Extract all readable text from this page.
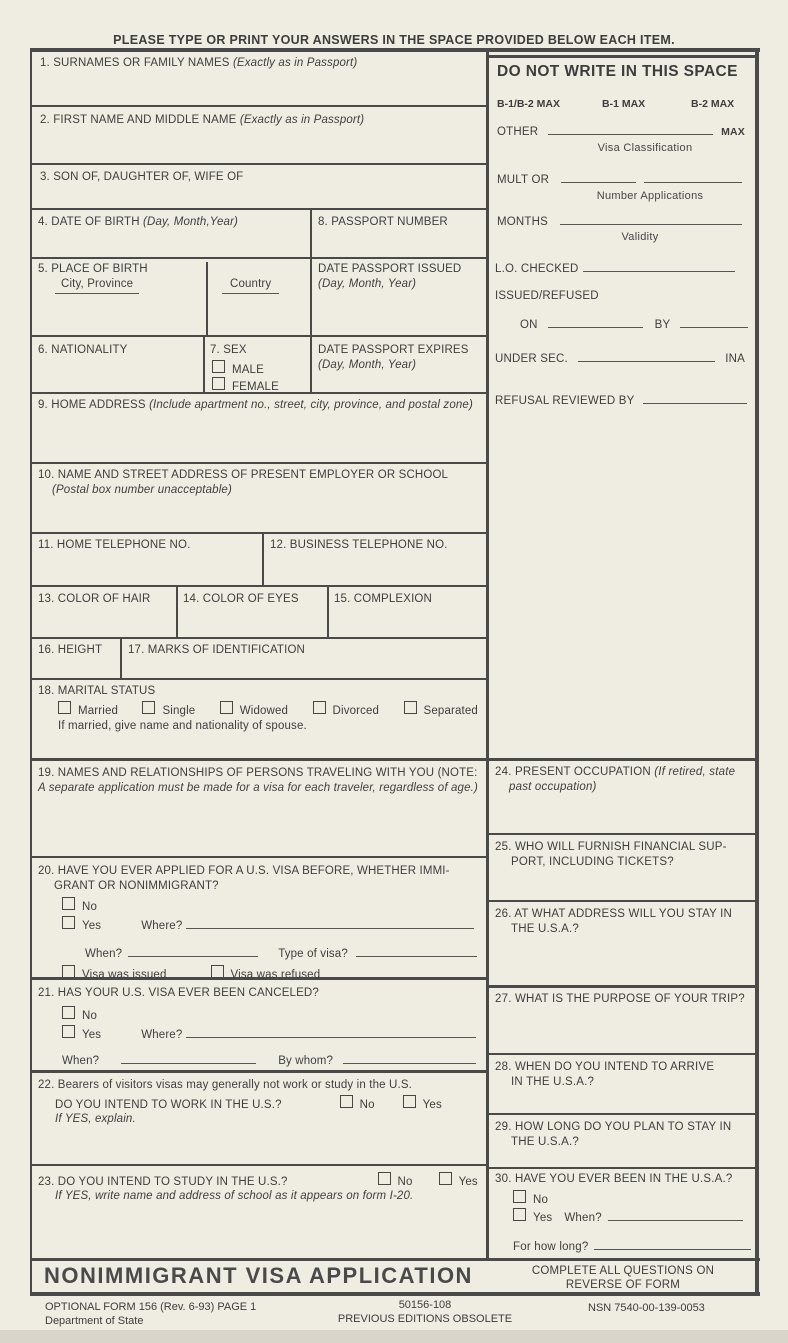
PLEASE TYPE OR PRINT YOUR ANSWERS IN THE SPACE PROVIDED BELOW EACH ITEM.
DO NOT WRITE IN THIS SPACE
B-1/B-2 MAX	B-1 MAX	B-2 MAX
OTHER	MAX
Visa Classification
MULT OR
Number Applications
MONTHS
Validity
L.O. CHECKED
ISSUED/REFUSED
ON	BY
UNDER SEC.	INA
REFUSAL REVIEWED BY
1. SURNAMES OR FAMILY NAMES (Exactly as in Passport)
2. FIRST NAME AND MIDDLE NAME (Exactly as in Passport)
3. SON OF, DAUGHTER OF, WIFE OF
4. DATE OF BIRTH (Day, Month,Year)	8. PASSPORT NUMBER
5. PLACE OF BIRTH
City, Province	Country
DATE PASSPORT ISSUED
(Day, Month, Year)
6. NATIONALITY	7. SEX
MALE
FEMALE
DATE PASSPORT EXPIRES
(Day, Month, Year)
9. HOME ADDRESS (Include apartment no., street, city, province, and postal zone)
10. NAME AND STREET ADDRESS OF PRESENT EMPLOYER OR SCHOOL
(Postal box number unacceptable)
11. HOME TELEPHONE NO.	12. BUSINESS TELEPHONE NO.
13. COLOR OF HAIR	14. COLOR OF EYES	15. COMPLEXION
16. HEIGHT 17. MARKS OF IDENTIFICATION
18. MARITAL STATUS
Married	Single	Widowed	Divorced	Separated
If married, give name and nationality of spouse.
19. NAMES AND RELATIONSHIPS OF PERSONS TRAVELING WITH YOU (NOTE:
A separate application must be made for a visa for each traveler, regardless of age.)
20. HAVE YOU EVER APPLIED FOR A U.S. VISA BEFORE, WHETHER IMMI-
GRANT OR NONIMMIGRANT?
No
Yes	Where?
When?	Type of visa?
Visa was issued	Visa was refused
21. HAS YOUR U.S. VISA EVER BEEN CANCELED?
No
Yes	Where?
When?	By whom?
22. Bearers of visitors visas may generally not work or study in the U.S.
DO YOU INTEND TO WORK IN THE U.S.?	No	Yes
If YES, explain.
23. DO YOU INTEND TO STUDY IN THE U.S.?	No	Yes
If YES, write name and address of school as it appears on form I-20.
24. PRESENT OCCUPATION (If retired, state past occupation)
25. WHO WILL FURNISH FINANCIAL SUP-
PORT, INCLUDING TICKETS?
26. AT WHAT ADDRESS WILL YOU STAY IN
THE U.S.A.?
27. WHAT IS THE PURPOSE OF YOUR TRIP?
28. WHEN DO YOU INTEND TO ARRIVE
IN THE U.S.A.?
29. HOW LONG DO YOU PLAN TO STAY IN
THE U.S.A.?
30. HAVE YOU EVER BEEN IN THE U.S.A.?
No
Yes When?
For how long?
NONIMMIGRANT VISA APPLICATION	COMPLETE ALL QUESTIONS ON
REVERSE OF FORM
OPTIONAL FORM 156 (Rev. 6-93) PAGE 1
Department of State
50156-108
PREVIOUS EDITIONS OBSOLETE
NSN 7540-00-139-0053
